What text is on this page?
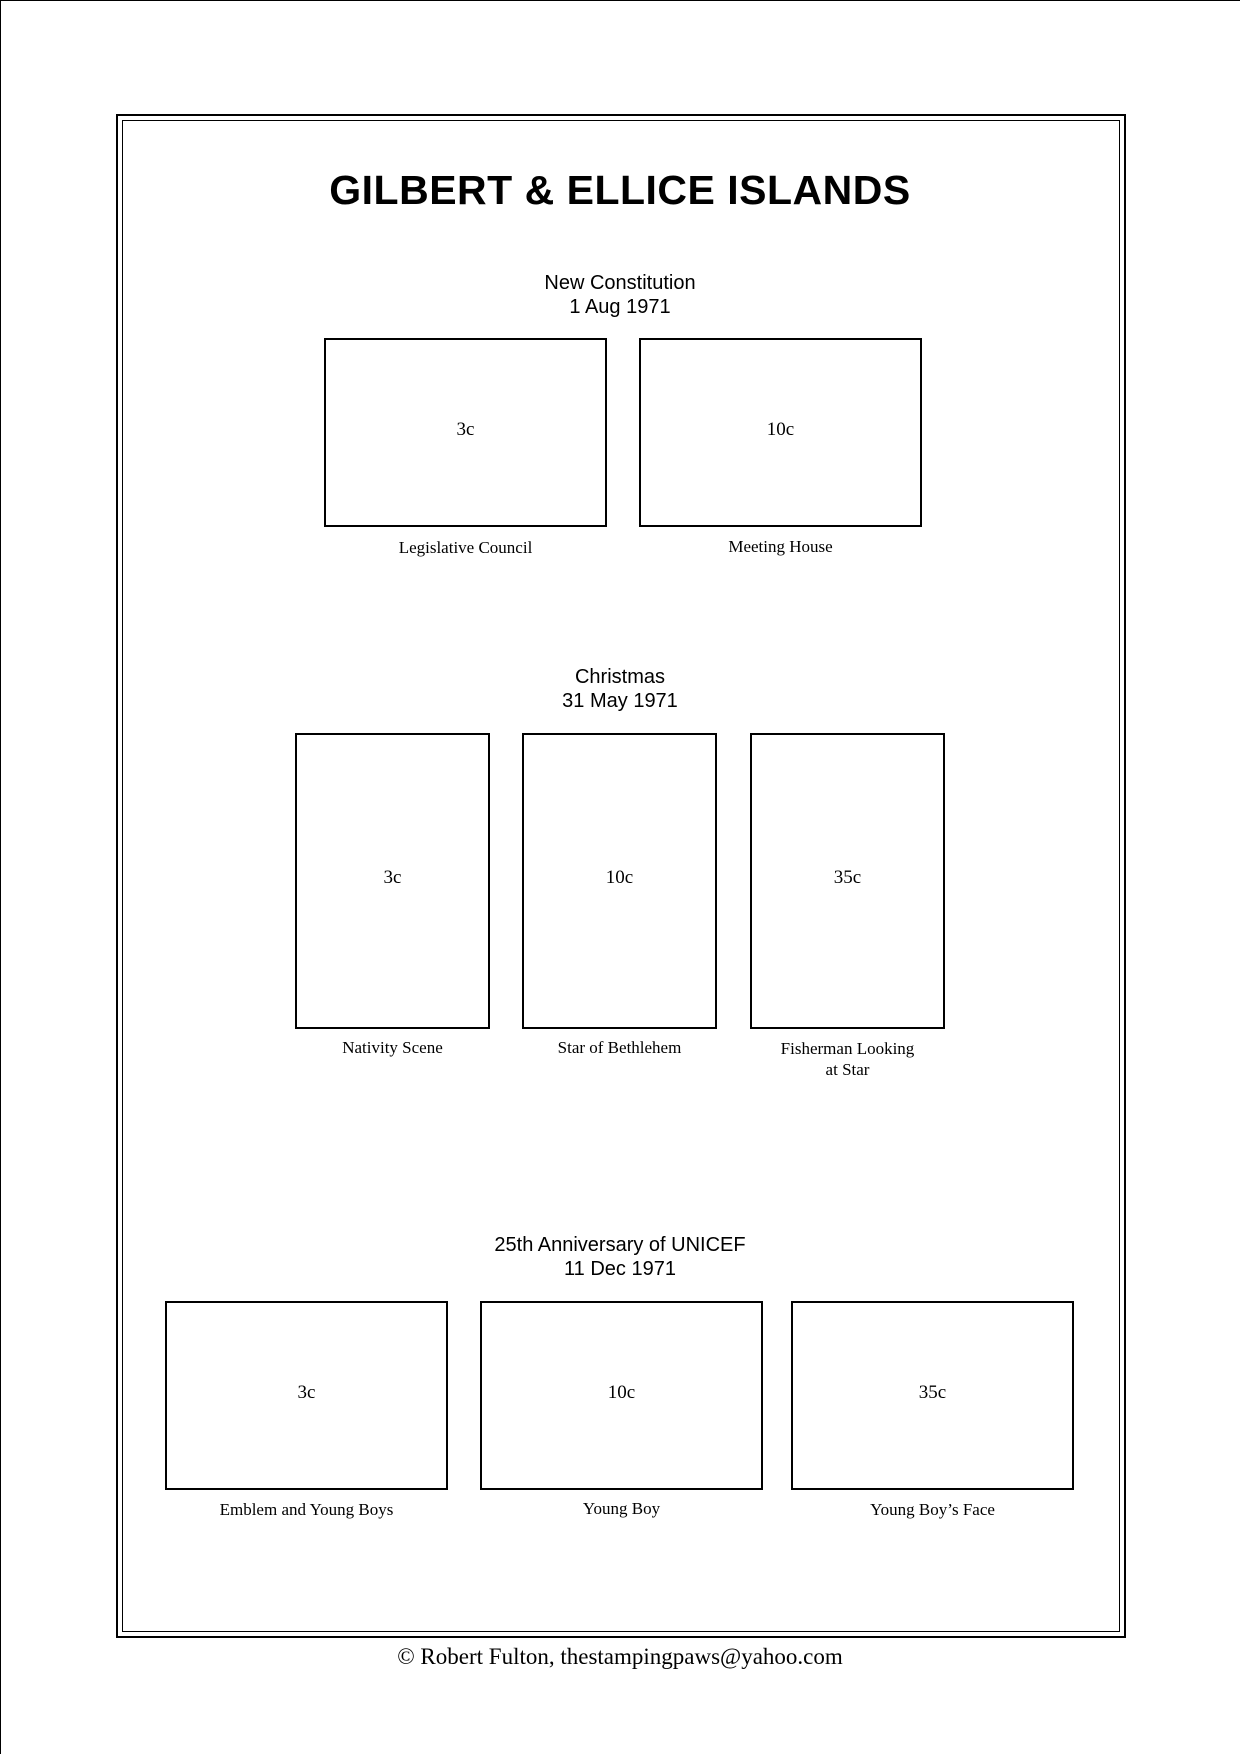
GILBERT & ELLICE ISLANDS
New Constitution
1 Aug 1971
3c
Legislative Council
10c
Meeting House
Christmas
31 May 1971
3c
Nativity Scene
10c
Star of Bethlehem
35c
Fisherman Looking
at Star
25th Anniversary of UNICEF
11 Dec 1971
3c
Emblem and Young Boys
10c
Young Boy
35c
Young Boy’s Face
© Robert Fulton, thestampingpaws@yahoo.com
